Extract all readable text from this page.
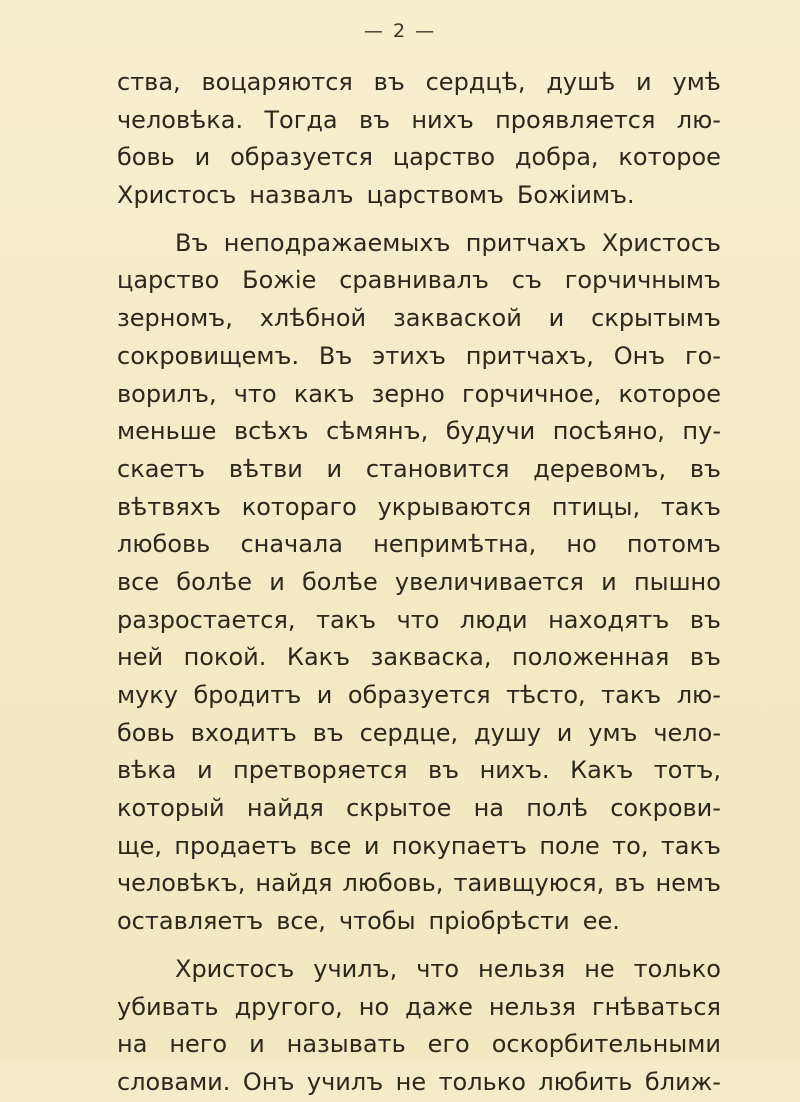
— 2 —
ства, воцаряются въ сердцѣ, душѣ и умѣ
человѣка. Тогда въ нихъ проявляется лю-
бовь и образуется царство добра, которое
Христосъ назвалъ царствомъ Божіимъ.
Въ неподражаемыхъ притчахъ Христосъ
царство Божіе сравнивалъ съ горчичнымъ
зерномъ, хлѣбной закваской и скрытымъ
сокровищемъ. Въ этихъ притчахъ, Онъ го-
ворилъ, что какъ зерно горчичное, которое
меньше всѣхъ сѣмянъ, будучи посѣяно, пу-
скаетъ вѣтви и становится деревомъ, въ
вѣтвяхъ котораго укрываются птицы, такъ
любовь сначала непримѣтна, но потомъ
все болѣе и болѣе увеличивается и пышно
разростается, такъ что люди находятъ въ
ней покой. Какъ закваска, положенная въ
муку бродитъ и образуется тѣсто, такъ лю-
бовь входитъ въ сердце, душу и умъ чело-
вѣка и претворяется въ нихъ. Какъ тотъ,
который найдя скрытое на полѣ сокрови-
ще, продаетъ все и покупаетъ поле то, такъ
человѣкъ, найдя любовь, таивщуюся, въ немъ
оставляетъ все, чтобы пріобрѣсти ее.
Христосъ училъ, что нельзя не только
убивать другого, но даже нельзя гнѣваться
на него и называть его оскорбительными
словами. Онъ училъ не только любить ближ-
